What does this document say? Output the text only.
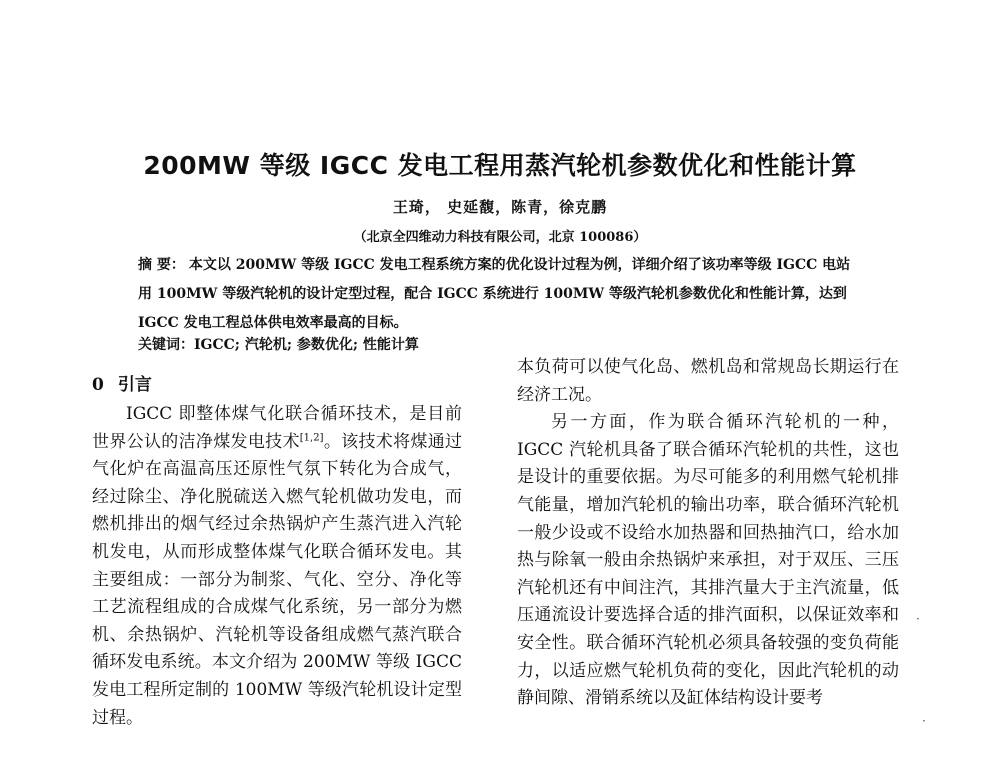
200MW 等级 IGCC 发电工程用蒸汽轮机参数优化和性能计算
王琦， 史延馥，陈青，徐克鹏
（北京全四维动力科技有限公司，北京 100086）
摘 要： 本文以 200MW 等级 IGCC 发电工程系统方案的优化设计过程为例，详细介绍了该功率等级 IGCC 电站用 100MW 等级汽轮机的设计定型过程，配合 IGCC 系统进行 100MW 等级汽轮机参数优化和性能计算，达到 IGCC 发电工程总体供电效率最高的目标。
关键词：IGCC; 汽轮机; 参数优化; 性能计算
0 引言

IGCC 即整体煤气化联合循环技术，是目前世界公认的洁净煤发电技术[1,2]。该技术将煤通过气化炉在高温高压还原性气氛下转化为合成气，经过除尘、净化脱硫送入燃气轮机做功发电，而燃机排出的烟气经过余热锅炉产生蒸汽进入汽轮机发电，从而形成整体煤气化联合循环发电。其主要组成：一部分为制浆、气化、空分、净化等工艺流程组成的合成煤气化系统，另一部分为燃机、余热锅炉、汽轮机等设备组成燃气蒸汽联合循环发电系统。本文介绍为 200MW 等级 IGCC 发电工程所定制的 100MW 等级汽轮机设计定型过程。

本负荷可以使气化岛、燃机岛和常规岛长期运行在经济工况。

另一方面，作为联合循环汽轮机的一种，IGCC 汽轮机具备了联合循环汽轮机的共性，这也是设计的重要依据。为尽可能多的利用燃气轮机排气能量，增加汽轮机的输出功率，联合循环汽轮机一般少设或不设给水加热器和回热抽汽口，给水加热与除氧一般由余热锅炉来承担，对于双压、三压汽轮机还有中间注汽，其排汽量大于主汽流量，低压通流设计要选择合适的排汽面积，以保证效率和安全性。联合循环汽轮机必须具备较强的变负荷能力，以适应燃气轮机负荷的变化，因此汽轮机的动静间隙、滑销系统以及缸体结构设计要考

·
·
